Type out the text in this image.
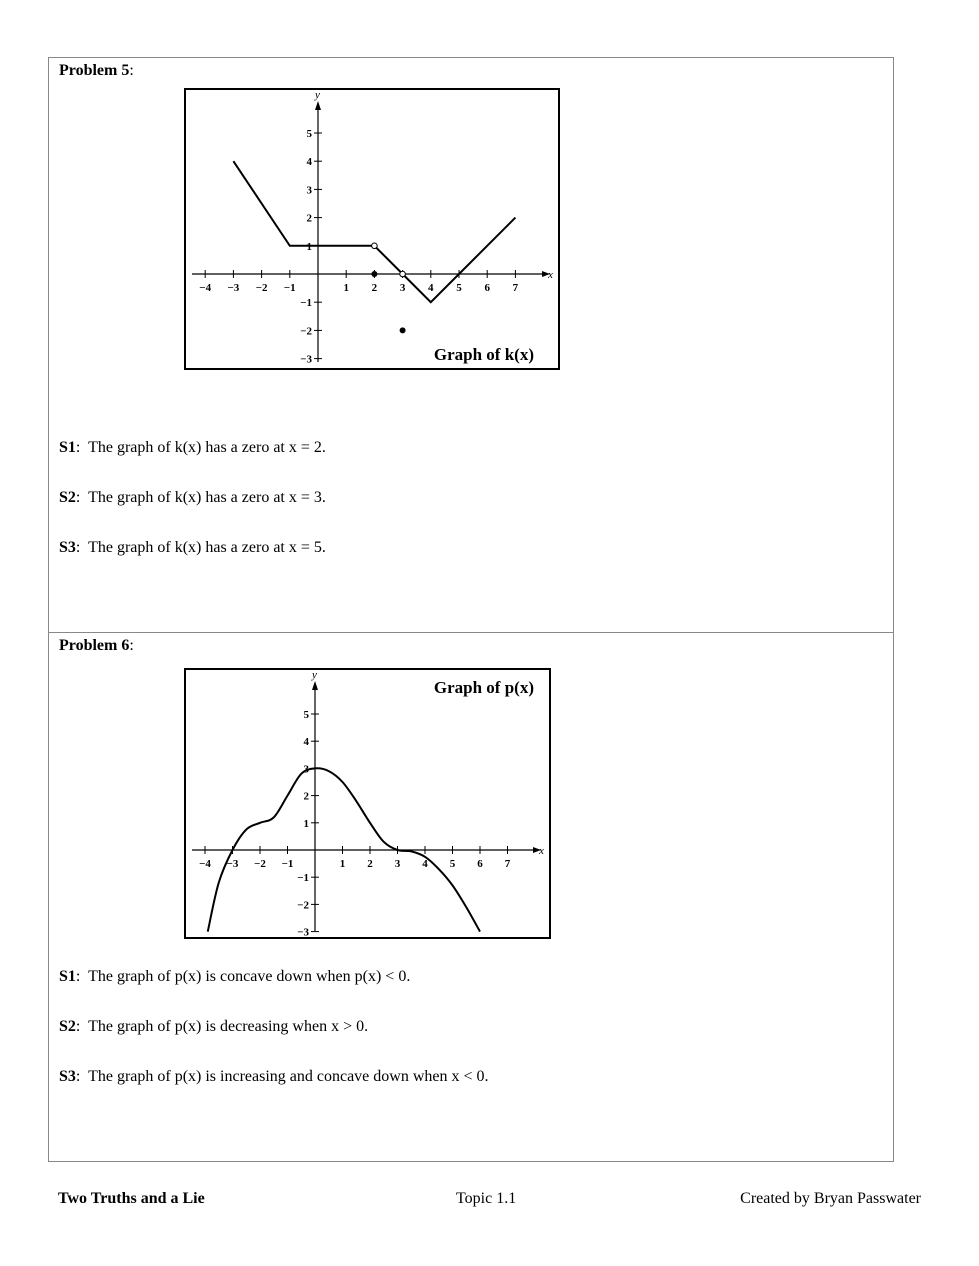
Problem 5:
x
y
−4 −3 −2 −1	1 2 3 4 5 6 7
−3
−2
−1
1
2
3
4
5
Graph of k(x)
S1:  The graph of k(x) has a zero at x = 2.
S2:  The graph of k(x) has a zero at x = 3.
S3:  The graph of k(x) has a zero at x = 5.
Problem 6:
x
y
−4 −3 −2 −1	1 2 3 4 5 6 7
−3
−2
−1
1
2
3
4
5
Graph of p(x)
S1:  The graph of p(x) is concave down when p(x) < 0.
S2:  The graph of p(x) is decreasing when x > 0.
S3:  The graph of p(x) is increasing and concave down when x < 0.
Two Truths and a Lie	Topic 1.1	Created by Bryan Passwater
